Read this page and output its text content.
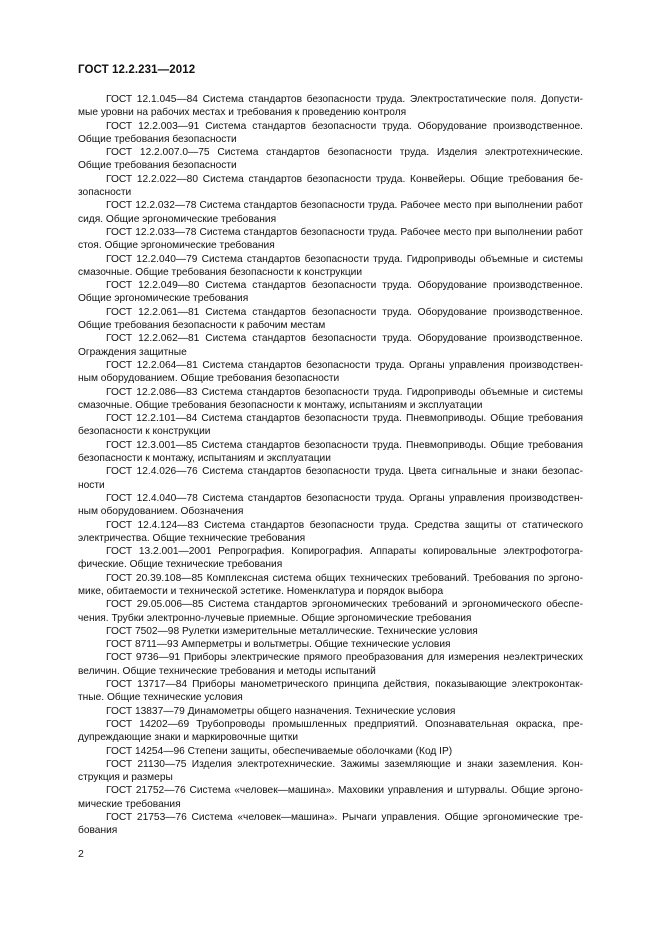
ГОСТ 12.2.231—2012

ГОСТ 12.1.045—84 Система стандартов безопасности труда. Электростатические поля. Допустимые уровни на рабочих местах и требования к проведению контроля

ГОСТ 12.2.003—91 Система стандартов безопасности труда. Оборудование производственное. Общие требования безопасности

ГОСТ 12.2.007.0—75 Система стандартов безопасности труда. Изделия электротехнические. Общие требования безопасности

ГОСТ 12.2.022—80 Система стандартов безопасности труда. Конвейеры. Общие требования безопасности

ГОСТ 12.2.032—78 Система стандартов безопасности труда. Рабочее место при выполнении работ сидя. Общие эргономические требования

ГОСТ 12.2.033—78 Система стандартов безопасности труда. Рабочее место при выполнении работ стоя. Общие эргономические требования

ГОСТ 12.2.040—79 Система стандартов безопасности труда. Гидроприводы объемные и системы смазочные. Общие требования безопасности к конструкции

ГОСТ 12.2.049—80 Система стандартов безопасности труда. Оборудование производственное. Общие эргономические требования

ГОСТ 12.2.061—81 Система стандартов безопасности труда. Оборудование производственное. Общие требования безопасности к рабочим местам

ГОСТ 12.2.062—81 Система стандартов безопасности труда. Оборудование производственное. Ограждения защитные

ГОСТ 12.2.064—81 Система стандартов безопасности труда. Органы управления производственным оборудованием. Общие требования безопасности

ГОСТ 12.2.086—83 Система стандартов безопасности труда. Гидроприводы объемные и системы смазочные. Общие требования безопасности к монтажу, испытаниям и эксплуатации

ГОСТ 12.2.101—84 Система стандартов безопасности труда. Пневмоприводы. Общие требования безопасности к конструкции

ГОСТ 12.3.001—85 Система стандартов безопасности труда. Пневмоприводы. Общие требования безопасности к монтажу, испытаниям и эксплуатации

ГОСТ 12.4.026—76 Система стандартов безопасности труда. Цвета сигнальные и знаки безопасности

ГОСТ 12.4.040—78 Система стандартов безопасности труда. Органы управления производственным оборудованием. Обозначения

ГОСТ 12.4.124—83 Система стандартов безопасности труда. Средства защиты от статического электричества. Общие технические требования

ГОСТ 13.2.001—2001 Репрография. Копирография. Аппараты копировальные электрофотографические. Общие технические требования

ГОСТ 20.39.108—85 Комплексная система общих технических требований. Требования по эргономике, обитаемости и технической эстетике. Номенклатура и порядок выбора

ГОСТ 29.05.006—85 Система стандартов эргономических требований и эргономического обеспечения. Трубки электронно-лучевые приемные. Общие эргономические требования

ГОСТ 7502—98 Рулетки измерительные металлические. Технические условия

ГОСТ 8711—93 Амперметры и вольтметры. Общие технические условия

ГОСТ 9736—91 Приборы электрические прямого преобразования для измерения неэлектрических величин. Общие технические требования и методы испытаний

ГОСТ 13717—84 Приборы манометрического принципа действия, показывающие электроконтактные. Общие технические условия

ГОСТ 13837—79 Динамометры общего назначения. Технические условия

ГОСТ 14202—69 Трубопроводы промышленных предприятий. Опознавательная окраска, предупреждающие знаки и маркировочные щитки

ГОСТ 14254—96 Степени защиты, обеспечиваемые оболочками (Код IP)

ГОСТ 21130—75 Изделия электротехнические. Зажимы заземляющие и знаки заземления. Конструкция и размеры

ГОСТ 21752—76 Система «человек—машина». Маховики управления и штурвалы. Общие эргономические требования

ГОСТ 21753—76 Система «человек—машина». Рычаги управления. Общие эргономические требования

2
